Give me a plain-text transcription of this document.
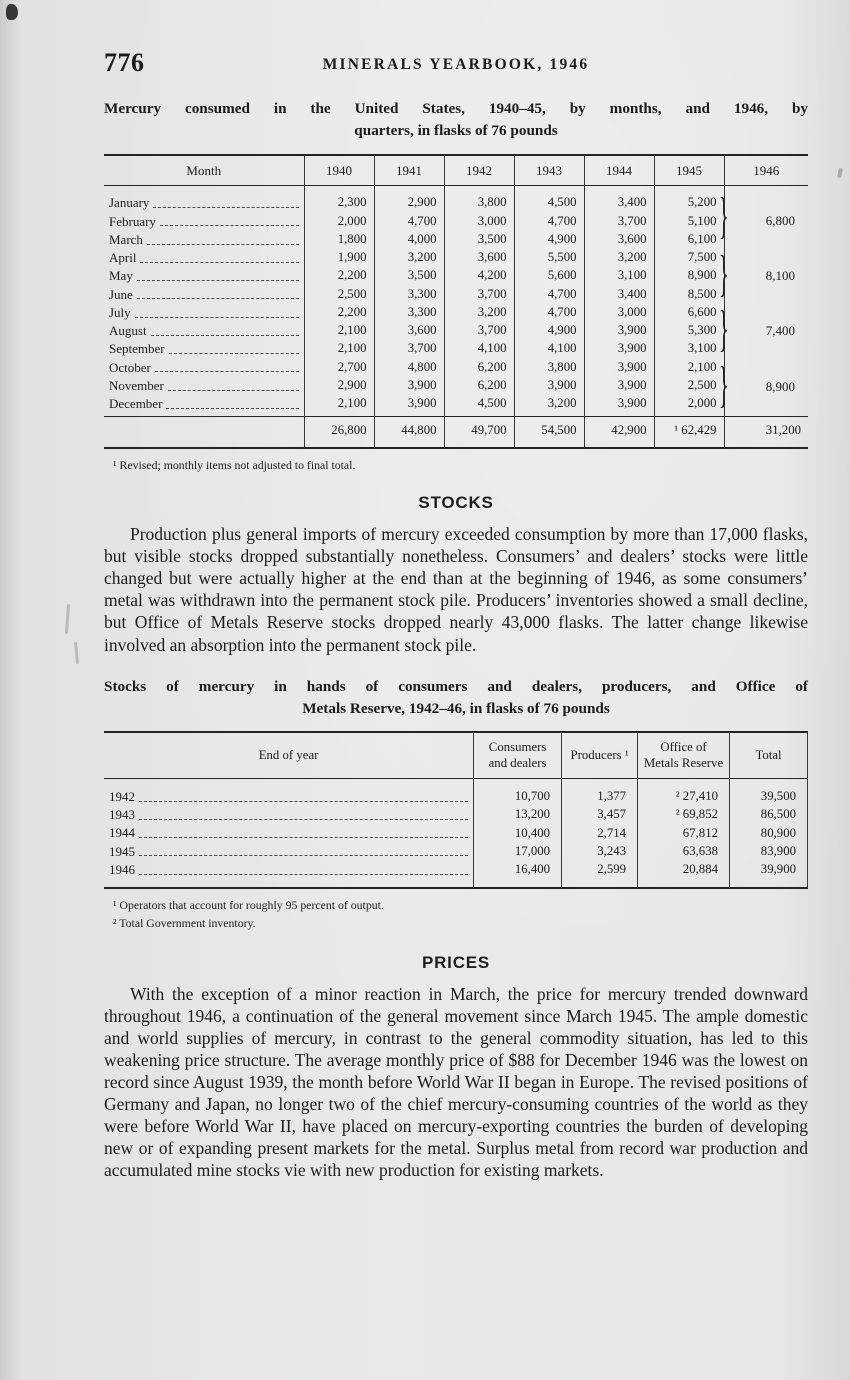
776	MINERALS YEARBOOK, 1946
Mercury consumed in the United States, 1940–45, by months, and 1946, by
quarters, in flasks of 76 pounds
Month	1940	1941	1942	1943	1944	1945	1946

January	2,300	2,900	3,800	4,500	3,400	5,200	} 6,800

February	2,000	4,700	3,000	4,700	3,700	5,100	

March	1,800	4,000	3,500	4,900	3,600	6,100	

April	1,900	3,200	3,600	5,500	3,200	7,500	} 8,100

May	2,200	3,500	4,200	5,600	3,100	8,900	

June	2,500	3,300	3,700	4,700	3,400	8,500	

July	2,200	3,300	3,200	4,700	3,000	6,600	} 7,400

August	2,100	3,600	3,700	4,900	3,900	5,300	

September	2,100	3,700	4,100	4,100	3,900	3,100	

October	2,700	4,800	6,200	3,800	3,900	2,100	} 8,900

November	2,900	3,900	6,200	3,900	3,900	2,500	

December	2,100	3,900	4,500	3,200	3,900	2,000	
	26,800	44,800	49,700	54,500	42,900	¹ 62,429	31,200
¹ Revised; monthly items not adjusted to final total.
STOCKS

Production plus general imports of mercury exceeded consumption by more than 17,000 flasks, but visible stocks dropped substantially nonetheless. Consumers’ and dealers’ stocks were little changed but were actually higher at the end than at the beginning of 1946, as some consumers’ metal was withdrawn into the permanent stock pile. Producers’ inventories showed a small decline, but Office of Metals Reserve stocks dropped nearly 43,000 flasks. The latter change likewise involved an absorption into the permanent stock pile.

Stocks of mercury in hands of consumers and dealers, producers, and Office of
Metals Reserve, 1942–46, in flasks of 76 pounds
End of year	Consumers and dealers	Producers ¹	Office of Metals Reserve	Total

1942	10,700	1,377	² 27,410	39,500

1943	13,200	3,457	² 69,852	86,500

1944	10,400	2,714	67,812	80,900

1945	17,000	3,243	63,638	83,900

1946	16,400	2,599	20,884	39,900
¹ Operators that account for roughly 95 percent of output.
² Total Government inventory.
PRICES

With the exception of a minor reaction in March, the price for mercury trended downward throughout 1946, a continuation of the general movement since March 1945. The ample domestic and world supplies of mercury, in contrast to the general commodity situation, has led to this weakening price structure. The average monthly price of $88 for December 1946 was the lowest on record since August 1939, the month before World War II began in Europe. The revised positions of Germany and Japan, no longer two of the chief mercury-consuming countries of the world as they were before World War II, have placed on mercury-exporting countries the burden of developing new or of expanding present markets for the metal. Surplus metal from record war production and accumulated mine stocks vie with new production for existing markets.
